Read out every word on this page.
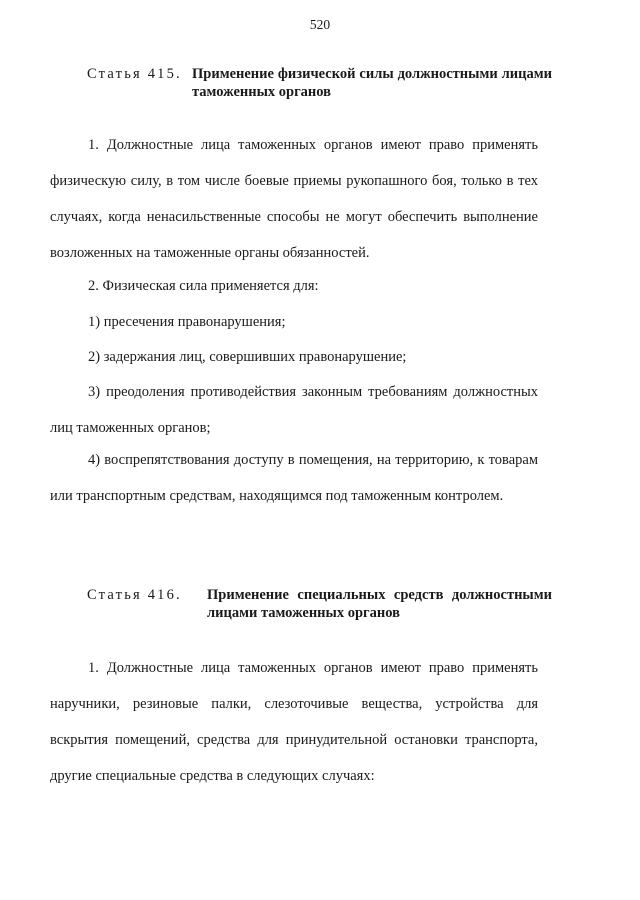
520
Статья 415. Применение физической силы должностными лицами таможенных органов

1. Должностные лица таможенных органов имеют право применять физическую силу, в том числе боевые приемы рукопашного боя, только в тех случаях, когда ненасильственные способы не могут обеспечить выполнение возложенных на таможенные органы обязанностей.

2. Физическая сила применяется для:

1) пресечения правонарушения;

2) задержания лиц, совершивших правонарушение;

3) преодоления противодействия законным требованиям должностных лиц таможенных органов;

4) воспрепятствования доступу в помещения, на территорию, к товарам или транспортным средствам, находящимся под таможенным контролем.

Статья 416. Применение специальных средств должностными лицами таможенных органов

1. Должностные лица таможенных органов имеют право применять наручники, резиновые палки, слезоточивые вещества, устройства для вскрытия помещений, средства для принудительной остановки транспорта, другие специальные средства в следующих случаях:
